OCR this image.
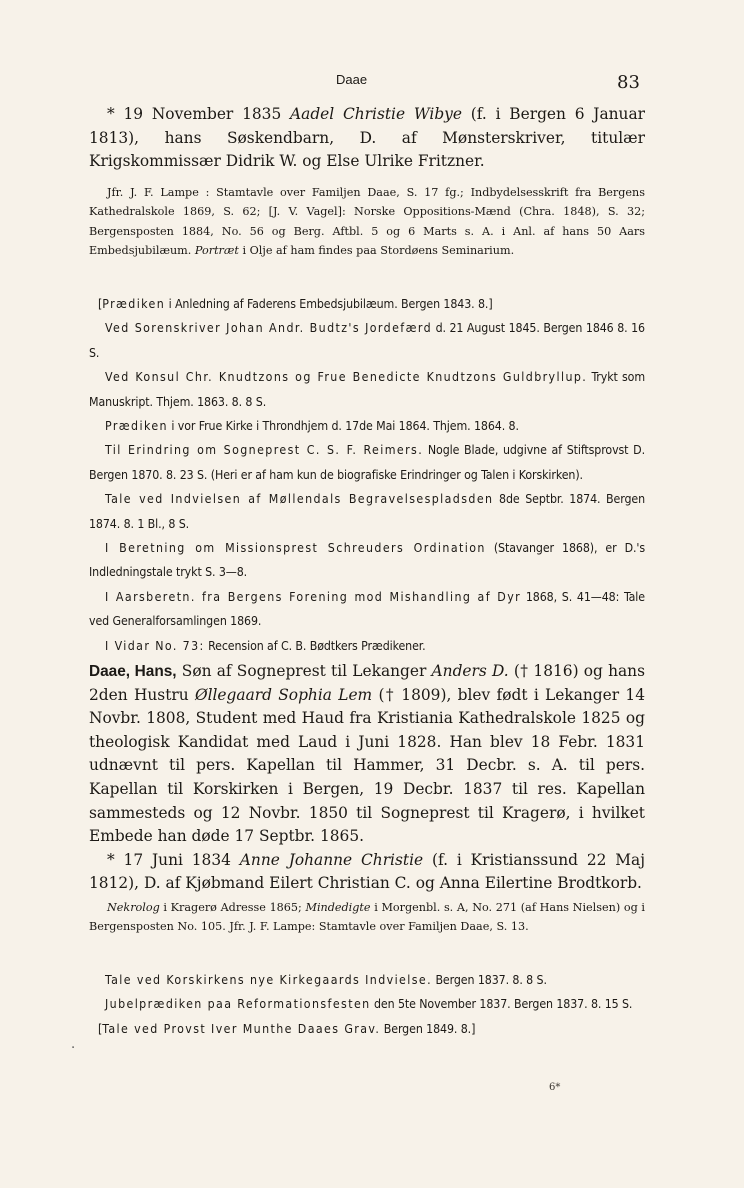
Daae	83

* 19 November 1835 Aadel Christie Wibye (f. i Bergen 6 Januar 1813), hans Søskendbarn, D. af Mønsterskriver, titulær Krigskommissær Didrik W. og Else Ulrike Fritzner.

Jfr. J. F. Lampe : Stamtavle over Familjen Daae, S. 17 fg.; Indbydelsesskrift fra Bergens Kathedralskole 1869, S. 62; [J. V. Vagel]: Norske Oppositions-Mænd (Chra. 1848), S. 32; Bergensposten 1884, No. 56 og Berg. Aftbl. 5 og 6 Marts s. A. i Anl. af hans 50 Aars Embedsjubilæum. Portræt i Olje af ham findes paa Stordøens Seminarium.

[Prædiken i Anledning af Faderens Embedsjubilæum. Bergen 1843. 8.]

Ved Sorenskriver Johan Andr. Budtz's Jordefærd d. 21 August 1845. Bergen 1846 8. 16 S.

Ved Konsul Chr. Knudtzons og Frue Benedicte Knudtzons Guldbryllup. Trykt som Manuskript. Thjem. 1863. 8. 8 S.

Prædiken i vor Frue Kirke i Throndhjem d. 17de Mai 1864. Thjem. 1864. 8.

Til Erindring om Sogneprest C. S. F. Reimers. Nogle Blade, udgivne af Stiftsprovst D. Bergen 1870. 8. 23 S. (Heri er af ham kun de biografiske Erindringer og Talen i Korskirken).

Tale ved Indvielsen af Møllendals Begravelsespladsden 8de Septbr. 1874. Bergen 1874. 8. 1 Bl., 8 S.

I Beretning om Missionsprest Schreuders Ordination (Stavanger 1868), er D.'s Indledningstale trykt S. 3—8.

I Aarsberetn. fra Bergens Forening mod Mishandling af Dyr 1868, S. 41—48: Tale ved Generalforsamlingen 1869.

I Vidar No. 73: Recension af C. B. Bødtkers Prædikener.

Daae, Hans, Søn af Sogneprest til Lekanger Anders D. († 1816) og hans 2den Hustru Øllegaard Sophia Lem († 1809), blev født i Lekanger 14 Novbr. 1808, Student med Haud fra Kristiania Kathedralskole 1825 og theologisk Kandidat med Laud i Juni 1828. Han blev 18 Febr. 1831 udnævnt til pers. Kapellan til Hammer, 31 Decbr. s. A. til pers. Kapellan til Korskirken i Bergen, 19 Decbr. 1837 til res. Kapellan sammesteds og 12 Novbr. 1850 til Sogneprest til Kragerø, i hvilket Embede han døde 17 Septbr. 1865.

* 17 Juni 1834 Anne Johanne Christie (f. i Kristianssund 22 Maj 1812), D. af Kjøbmand Eilert Christian C. og Anna Eilertine Brodtkorb.

Nekrolog i Kragerø Adresse 1865; Mindedigte i Morgenbl. s. A, No. 271 (af Hans Nielsen) og i Bergensposten No. 105. Jfr. J. F. Lampe: Stamtavle over Familjen Daae, S. 13.

Tale ved Korskirkens nye Kirkegaards Indvielse. Bergen 1837. 8. 8 S.

Jubelprædiken paa Reformationsfesten den 5te November 1837. Bergen 1837. 8. 15 S.

[Tale ved Provst Iver Munthe Daaes Grav. Bergen 1849. 8.]

.
6*
